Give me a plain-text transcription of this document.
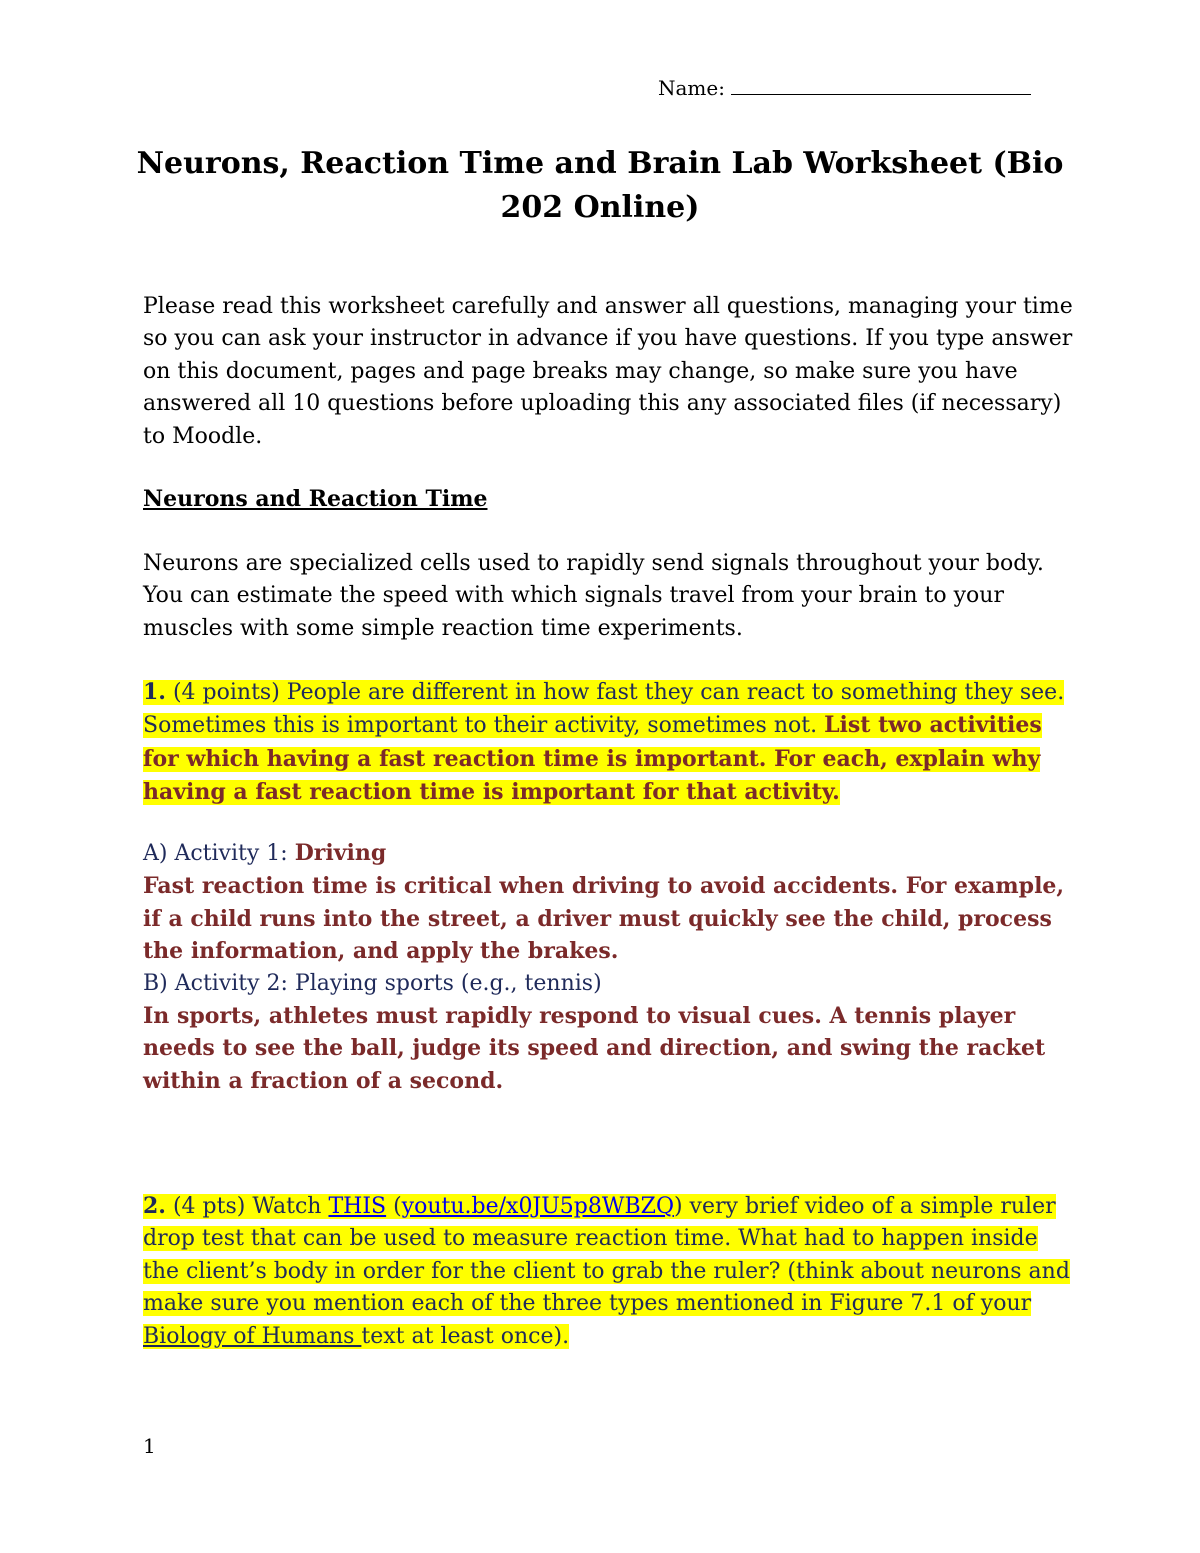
Name:
Neurons, Reaction Time and Brain Lab Worksheet (Bio 202 Online)

Please read this worksheet carefully and answer all questions, managing your time so you can ask your instructor in advance if you have questions. If you type answer on this document, pages and page breaks may change, so make sure you have answered all 10 questions before uploading this any associated files (if necessary) to Moodle.

Neurons and Reaction Time

Neurons are specialized cells used to rapidly send signals throughout your body. You can estimate the speed with which signals travel from your brain to your muscles with some simple reaction time experiments.

1. (4 points) People are different in how fast they can react to something they see. Sometimes this is important to their activity, sometimes not. List two activities for which having a fast reaction time is important. For each, explain why having a fast reaction time is important for that activity.

A) Activity 1: Driving
Fast reaction time is critical when driving to avoid accidents. For example, if a child runs into the street, a driver must quickly see the child, process the information, and apply the brakes.
B) Activity 2: Playing sports (e.g., tennis)
In sports, athletes must rapidly respond to visual cues. A tennis player needs to see the ball, judge its speed and direction, and swing the racket within a fraction of a second.

2. (4 pts) Watch THIS (youtu.be/x0JU5p8WBZQ) very brief video of a simple ruler drop test that can be used to measure reaction time. What had to happen inside the client’s body in order for the client to grab the ruler? (think about neurons and make sure you mention each of the three types mentioned in Figure 7.1 of your Biology of Humans text at least once).

1
